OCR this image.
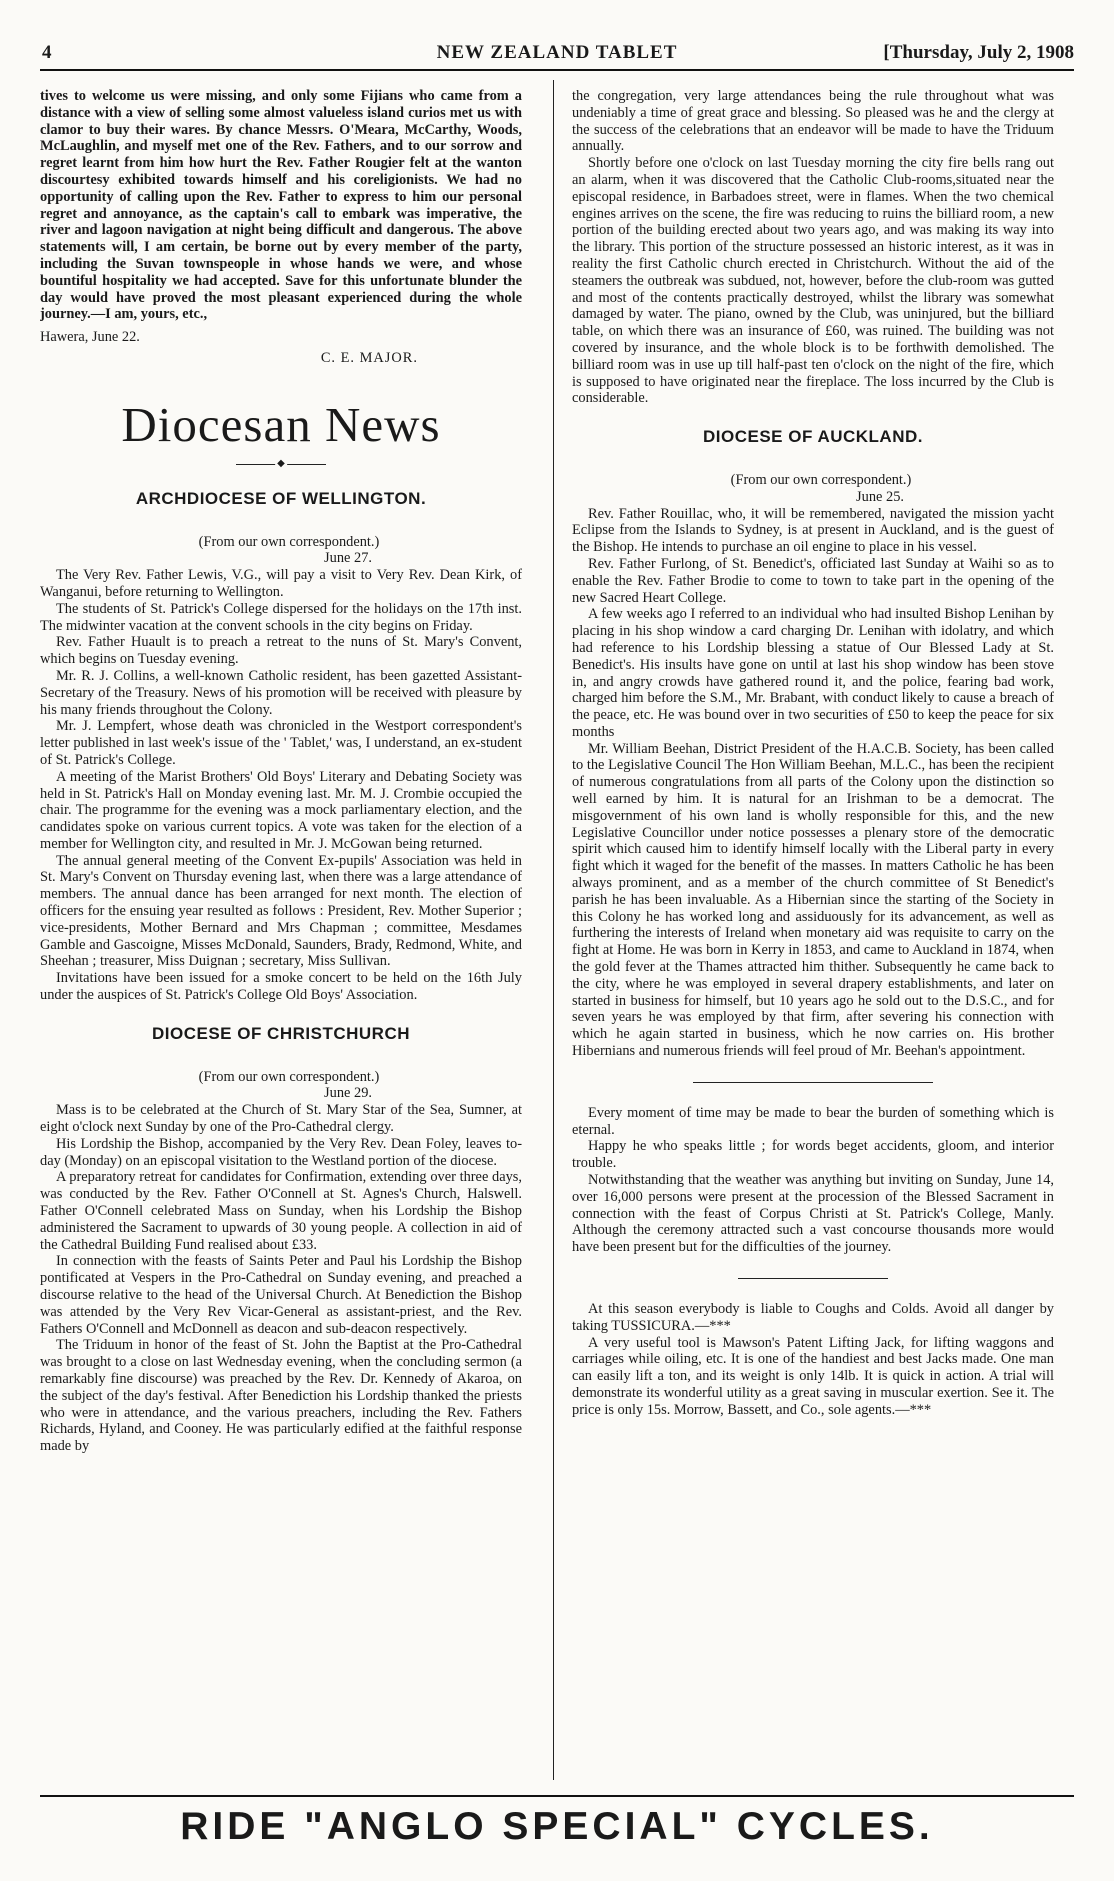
4	NEW ZEALAND TABLET	[Thursday, July 2, 1908

tives to welcome us were missing, and only some Fijians who came from a distance with a view of selling some almost valueless island curios met us with clamor to buy their wares. By chance Messrs. O'Meara, McCarthy, Woods, McLaughlin, and myself met one of the Rev. Fathers, and to our sorrow and regret learnt from him how hurt the Rev. Father Rougier felt at the wanton discourtesy exhibited towards himself and his coreligionists. We had no opportunity of calling upon the Rev. Father to express to him our personal regret and annoyance, as the captain's call to embark was imperative, the river and lagoon navigation at night being difficult and dangerous. The above statements will, I am certain, be borne out by every member of the party, including the Suvan townspeople in whose hands we were, and whose bountiful hospitality we had accepted. Save for this unfortunate blunder the day would have proved the most pleasant experienced during the whole journey.—I am, yours, etc.,

Hawera, June 22.
C. E. MAJOR.
Diocesan News
◆
ARCHDIOCESE OF WELLINGTON.

(From our own correspondent.)

June 27.

The Very Rev. Father Lewis, V.G., will pay a visit to Very Rev. Dean Kirk, of Wanganui, before returning to Wellington.

The students of St. Patrick's College dispersed for the holidays on the 17th inst. The midwinter vacation at the convent schools in the city begins on Friday.

Rev. Father Huault is to preach a retreat to the nuns of St. Mary's Convent, which begins on Tuesday evening.

Mr. R. J. Collins, a well-known Catholic resident, has been gazetted Assistant-Secretary of the Treasury. News of his promotion will be received with pleasure by his many friends throughout the Colony.

Mr. J. Lempfert, whose death was chronicled in the Westport correspondent's letter published in last week's issue of the ' Tablet,' was, I understand, an ex-student of St. Patrick's College.

A meeting of the Marist Brothers' Old Boys' Literary and Debating Society was held in St. Patrick's Hall on Monday evening last. Mr. M. J. Crombie occupied the chair. The programme for the evening was a mock parliamentary election, and the candidates spoke on various current topics. A vote was taken for the election of a member for Wellington city, and resulted in Mr. J. McGowan being returned.

The annual general meeting of the Convent Ex-pupils' Association was held in St. Mary's Convent on Thursday evening last, when there was a large attendance of members. The annual dance has been arranged for next month. The election of officers for the ensuing year resulted as follows : President, Rev. Mother Superior ; vice-presidents, Mother Bernard and Mrs Chapman ; committee, Mesdames Gamble and Gascoigne, Misses McDonald, Saunders, Brady, Redmond, White, and Sheehan ; treasurer, Miss Duignan ; secretary, Miss Sullivan.

Invitations have been issued for a smoke concert to be held on the 16th July under the auspices of St. Patrick's College Old Boys' Association.

DIOCESE OF CHRISTCHURCH

(From our own correspondent.)

June 29.

Mass is to be celebrated at the Church of St. Mary Star of the Sea, Sumner, at eight o'clock next Sunday by one of the Pro-Cathedral clergy.

His Lordship the Bishop, accompanied by the Very Rev. Dean Foley, leaves to-day (Monday) on an episcopal visitation to the Westland portion of the diocese.

A preparatory retreat for candidates for Confirmation, extending over three days, was conducted by the Rev. Father O'Connell at St. Agnes's Church, Halswell. Father O'Connell celebrated Mass on Sunday, when his Lordship the Bishop administered the Sacrament to upwards of 30 young people. A collection in aid of the Cathedral Building Fund realised about £33.

In connection with the feasts of Saints Peter and Paul his Lordship the Bishop pontificated at Vespers in the Pro-Cathedral on Sunday evening, and preached a discourse relative to the head of the Universal Church. At Benediction the Bishop was attended by the Very Rev Vicar-General as assistant-priest, and the Rev. Fathers O'Connell and McDonnell as deacon and sub-deacon respectively.

The Triduum in honor of the feast of St. John the Baptist at the Pro-Cathedral was brought to a close on last Wednesday evening, when the concluding sermon (a remarkably fine discourse) was preached by the Rev. Dr. Kennedy of Akaroa, on the subject of the day's festival. After Benediction his Lordship thanked the priests who were in attendance, and the various preachers, including the Rev. Fathers Richards, Hyland, and Cooney. He was particularly edified at the faithful response made by

the congregation, very large attendances being the rule throughout what was undeniably a time of great grace and blessing. So pleased was he and the clergy at the success of the celebrations that an endeavor will be made to have the Triduum annually.

Shortly before one o'clock on last Tuesday morning the city fire bells rang out an alarm, when it was discovered that the Catholic Club-rooms,situated near the episcopal residence, in Barbadoes street, were in flames. When the two chemical engines arrives on the scene, the fire was reducing to ruins the billiard room, a new portion of the building erected about two years ago, and was making its way into the library. This portion of the structure possessed an historic interest, as it was in reality the first Catholic church erected in Christchurch. Without the aid of the steamers the outbreak was subdued, not, however, before the club-room was gutted and most of the contents practically destroyed, whilst the library was somewhat damaged by water. The piano, owned by the Club, was uninjured, but the billiard table, on which there was an insurance of £60, was ruined. The building was not covered by insurance, and the whole block is to be forthwith demolished. The billiard room was in use up till half-past ten o'clock on the night of the fire, which is supposed to have originated near the fireplace. The loss incurred by the Club is considerable.

DIOCESE OF AUCKLAND.

(From our own correspondent.)

June 25.

Rev. Father Rouillac, who, it will be remembered, navigated the mission yacht Eclipse from the Islands to Sydney, is at present in Auckland, and is the guest of the Bishop. He intends to purchase an oil engine to place in his vessel.

Rev. Father Furlong, of St. Benedict's, officiated last Sunday at Waihi so as to enable the Rev. Father Brodie to come to town to take part in the opening of the new Sacred Heart College.

A few weeks ago I referred to an individual who had insulted Bishop Lenihan by placing in his shop window a card charging Dr. Lenihan with idolatry, and which had reference to his Lordship blessing a statue of Our Blessed Lady at St. Benedict's. His insults have gone on until at last his shop window has been stove in, and angry crowds have gathered round it, and the police, fearing bad work, charged him before the S.M., Mr. Brabant, with conduct likely to cause a breach of the peace, etc. He was bound over in two securities of £50 to keep the peace for six months

Mr. William Beehan, District President of the H.A.C.B. Society, has been called to the Legislative Council The Hon William Beehan, M.L.C., has been the recipient of numerous congratulations from all parts of the Colony upon the distinction so well earned by him. It is natural for an Irishman to be a democrat. The misgovernment of his own land is wholly responsible for this, and the new Legislative Councillor under notice possesses a plenary store of the democratic spirit which caused him to identify himself locally with the Liberal party in every fight which it waged for the benefit of the masses. In matters Catholic he has been always prominent, and as a member of the church committee of St Benedict's parish he has been invaluable. As a Hibernian since the starting of the Society in this Colony he has worked long and assiduously for its advancement, as well as furthering the interests of Ireland when monetary aid was requisite to carry on the fight at Home. He was born in Kerry in 1853, and came to Auckland in 1874, when the gold fever at the Thames attracted him thither. Subsequently he came back to the city, where he was employed in several drapery establishments, and later on started in business for himself, but 10 years ago he sold out to the D.S.C., and for seven years he was employed by that firm, after severing his connection with which he again started in business, which he now carries on. His brother Hibernians and numerous friends will feel proud of Mr. Beehan's appointment.

Every moment of time may be made to bear the burden of something which is eternal.

Happy he who speaks little ; for words beget accidents, gloom, and interior trouble.

Notwithstanding that the weather was anything but inviting on Sunday, June 14, over 16,000 persons were present at the procession of the Blessed Sacrament in connection with the feast of Corpus Christi at St. Patrick's College, Manly. Although the ceremony attracted such a vast concourse thousands more would have been present but for the difficulties of the journey.

At this season everybody is liable to Coughs and Colds. Avoid all danger by taking TUSSICURA.—***

A very useful tool is Mawson's Patent Lifting Jack, for lifting waggons and carriages while oiling, etc. It is one of the handiest and best Jacks made. One man can easily lift a ton, and its weight is only 14lb. It is quick in action. A trial will demonstrate its wonderful utility as a great saving in muscular exertion. See it. The price is only 15s. Morrow, Bassett, and Co., sole agents.—***

RIDE "ANGLO SPECIAL" CYCLES.
